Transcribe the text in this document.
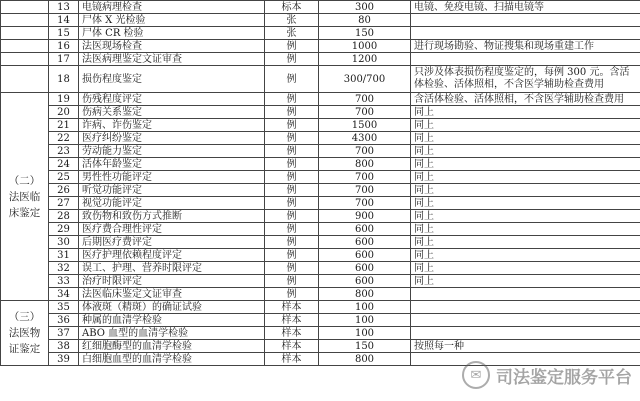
	13	电镜病理检查	标本	300	电镜、免疫电镜、扫描电镜等
	14	尸体 X 光检验	张	80	
	15	尸体 CR 检验	张	150	
	16	法医现场检查	例	1000	进行现场勘验、物证搜集和现场重建工作
	17	法医病理鉴定文证审查	例	1200	
	18	损伤程度鉴定	例	300/700	只涉及体表损伤程度鉴定的，每例 300 元。含活体检验、活体照相，不含医学辅助检查费用
（二）法医临床鉴定	19	伤残程度评定	例	700	含活体检验、活体照相，不含医学辅助检查费用
	20	伤病关系鉴定	例	700	同上
	21	诈病、诈伤鉴定	例	1500	同上
	22	医疗纠纷鉴定	例	4300	同上
	23	劳动能力鉴定	例	700	同上
	24	活体年龄鉴定	例	800	同上
	25	男性性功能评定	例	700	同上
	26	听觉功能评定	例	700	同上
	27	视觉功能评定	例	700	同上
	28	致伤物和致伤方式推断	例	900	同上
	29	医疗费合理性评定	例	600	同上
	30	后期医疗费评定	例	600	同上
	31	医疗护理依赖程度评定	例	600	同上
	32	误工、护理、营养时限评定	例	600	同上
	33	治疗时限评定	例	600	同上
	34	法医临床鉴定文证审查	例	800	
（三）法医物证鉴定	35	体液斑（精斑）的确证试验	样本	100	
	36	种属的血清学检验	样本	100	
	37	ABO 血型的血清学检验	样本	100	
	38	红细胞酶型的血清学检验	样本	150	按照每一种
	39	白细胞血型的血清学检验	样本	800	
✉ 司法鉴定服务平台
